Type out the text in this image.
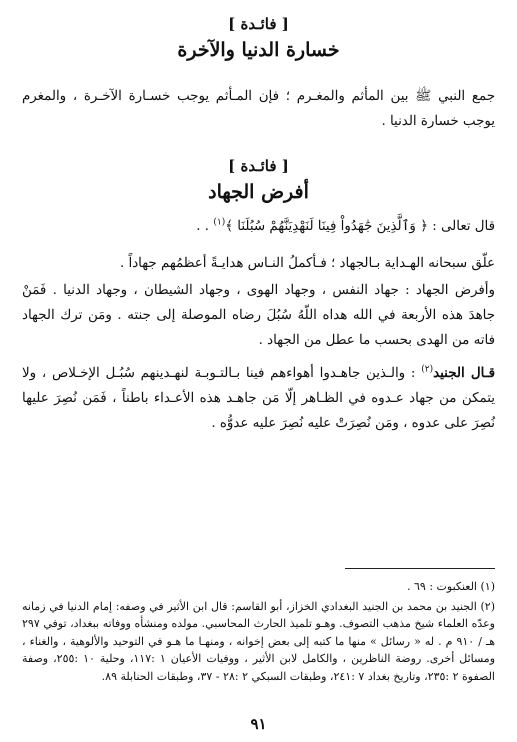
[ فائـدة ]

خسارة الدنيا والآخرة

جمع النبي ﷺ بين المأثم والمغـرم ؛ فإن المـأثم يوجب خسـارة الآخـرة ، والمغرم يوجب خسارة الدنيا .

[ فائـدة ]

أفرض الجهاد

قال تعالى : ﴿ وَٱلَّذِينَ جَٰهَدُواْ فِينَا لَنَهْدِيَنَّهُمْ سُبُلَنَا ﴾$^{(١)}$ . .

علّق سبحانه الهـداية بـالجهاد ؛ فـأكملُ النـاس هدايـةً أعظمُهم جهاداً .

وأفرض الجهاد : جهاد النفس ، وجهاد الهوى ، وجهاد الشيطان ، وجهاد الدنيا . فَمَنْ جاهدَ هذه الأربعة في الله هداه اللّهُ سُبُلَ رضاه الموصلة إلى جنته . ومَن ترك الجهاد فاته من الهدى بحسب ما عطل من الجهاد .

قـال الجنيد$^{(٢)}$ : والـذين جاهـدوا أهواءهم فينا بـالتـوبـة لنهـدينهم سُبُـل الإخـلاص ، ولا يتمكن من جهاد عـدوه في الظـاهر إلّا مَن جاهـد هذه الأعـداء باطناً ، فَمَن نُصِرَ عليها نُصِرَ على عدوه ، ومَن نُصِرَتْ عليه نُصِرَ عليه عدوُّه .

(١) العنكبوت : ٦٩ .

(٢) الجنيد بن محمد بن الجنيد البغدادي الخزاز، أبو القاسم: قال ابن الأثير في وصفه: إمام الدنيا في زمانه وعدّه العلماء شيخ مذهب التصوف. وهـو تلميذ الحارث المحاسبي. مولده ومنشأه ووفاته ببغداد، توفي ٢٩٧ هـ / ٩١٠ م . له « رسائل » منها ما كتبه إلى بعض إخوانه ، ومنهـا ما هـو في التوحيد والألوهية ، والغناء ، ومسائل أخرى. روضة الناظرين ، والكامل لابن الأثير ، ووفيات الأعيان ١ :١١٧، وحلية ١٠ :٢٥٥، وصفة الصفوة ٢ :٢٣٥، وتاريخ بغداد ٧ :٢٤١، وطبقات السبكي ٢ :٢٨ - ٣٧، وطبقات الحنابلة ٨٩.

٩١
